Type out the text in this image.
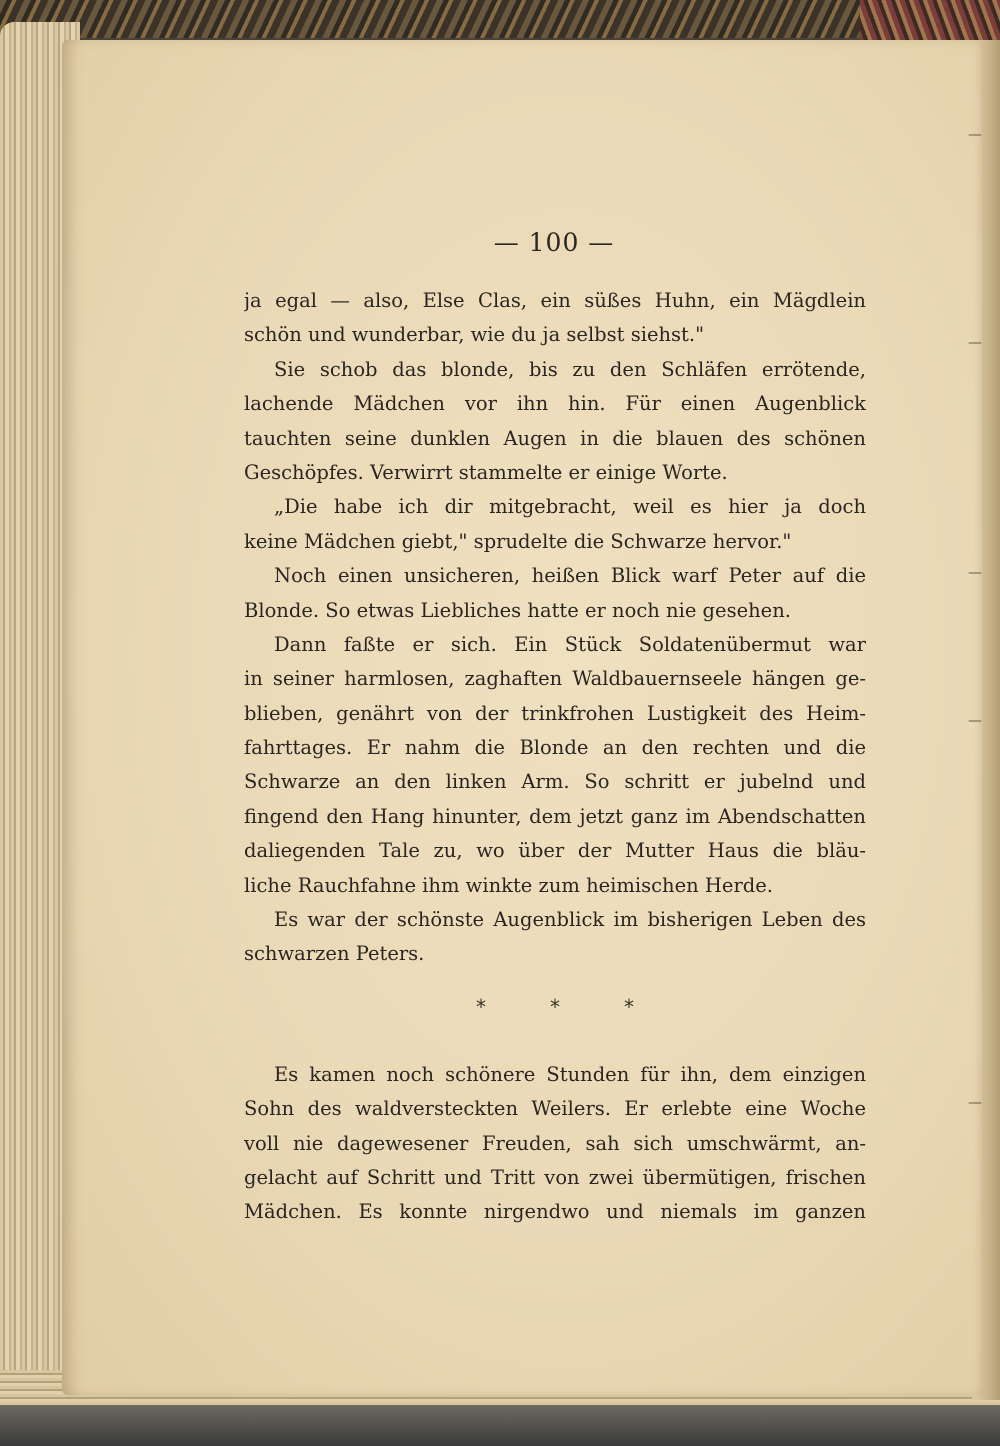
— 100 —
ja egal — also, Else Clas, ein süßes Huhn, ein Mägdlein
schön und wunderbar, wie du ja selbst siehst."
Sie schob das blonde, bis zu den Schläfen errötende,
lachende Mädchen vor ihn hin. Für einen Augenblick
tauchten seine dunklen Augen in die blauen des schönen
Geschöpfes. Verwirrt stammelte er einige Worte.
„Die habe ich dir mitgebracht, weil es hier ja doch
keine Mädchen giebt," sprudelte die Schwarze hervor."
Noch einen unsicheren, heißen Blick warf Peter auf die
Blonde. So etwas Liebliches hatte er noch nie gesehen.
Dann faßte er sich. Ein Stück Soldatenübermut war
in seiner harmlosen, zaghaften Waldbauernseele hängen ge-
blieben, genährt von der trinkfrohen Lustigkeit des Heim-
fahrttages. Er nahm die Blonde an den rechten und die
Schwarze an den linken Arm. So schritt er jubelnd und
fingend den Hang hinunter, dem jetzt ganz im Abendschatten
daliegenden Tale zu, wo über der Mutter Haus die bläu-
liche Rauchfahne ihm winkte zum heimischen Herde.
Es war der schönste Augenblick im bisherigen Leben des
schwarzen Peters.
*	*	*
Es kamen noch schönere Stunden für ihn, dem einzigen
Sohn des waldversteckten Weilers. Er erlebte eine Woche
voll nie dagewesener Freuden, sah sich umschwärmt, an-
gelacht auf Schritt und Tritt von zwei übermütigen, frischen
Mädchen. Es konnte nirgendwo und niemals im ganzen
—
—
—
—
—
